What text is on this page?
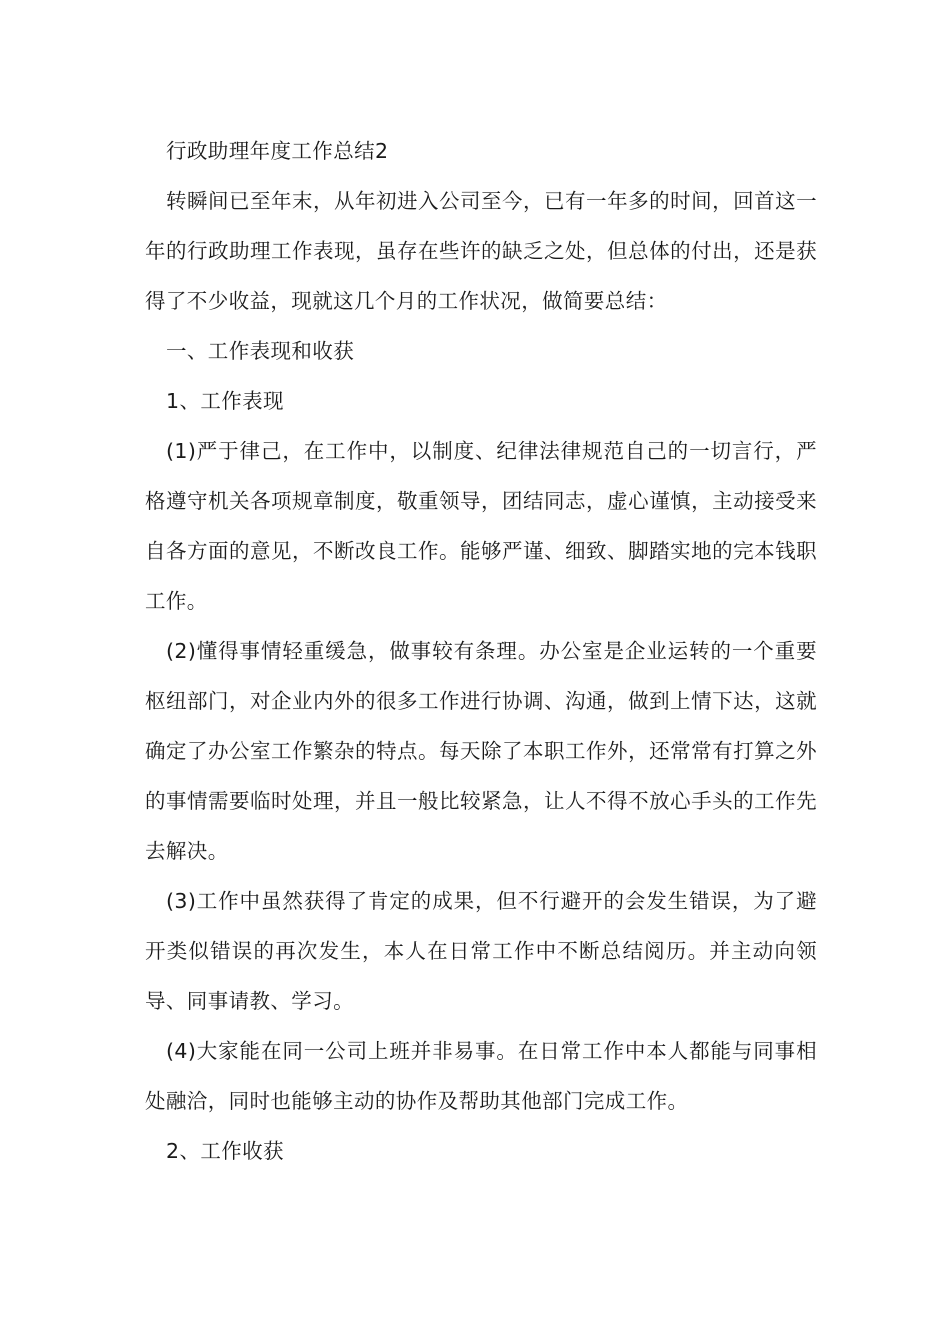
行政助理年度工作总结2

转瞬间已至年末，从年初进入公司至今，已有一年多的时间，回首这一年的行政助理工作表现，虽存在些许的缺乏之处，但总体的付出，还是获得了不少收益，现就这几个月的工作状况，做简要总结：

一、工作表现和收获

1、工作表现

(1)严于律己，在工作中，以制度、纪律法律规范自己的一切言行，严格遵守机关各项规章制度，敬重领导，团结同志，虚心谨慎，主动接受来自各方面的意见，不断改良工作。能够严谨、细致、脚踏实地的完本钱职工作。

(2)懂得事情轻重缓急，做事较有条理。办公室是企业运转的一个重要枢纽部门，对企业内外的很多工作进行协调、沟通，做到上情下达，这就确定了办公室工作繁杂的特点。每天除了本职工作外，还常常有打算之外的事情需要临时处理，并且一般比较紧急，让人不得不放心手头的工作先去解决。

(3)工作中虽然获得了肯定的成果，但不行避开的会发生错误，为了避开类似错误的再次发生，本人在日常工作中不断总结阅历。并主动向领导、同事请教、学习。

(4)大家能在同一公司上班并非易事。在日常工作中本人都能与同事相处融洽，同时也能够主动的协作及帮助其他部门完成工作。

2、工作收获
